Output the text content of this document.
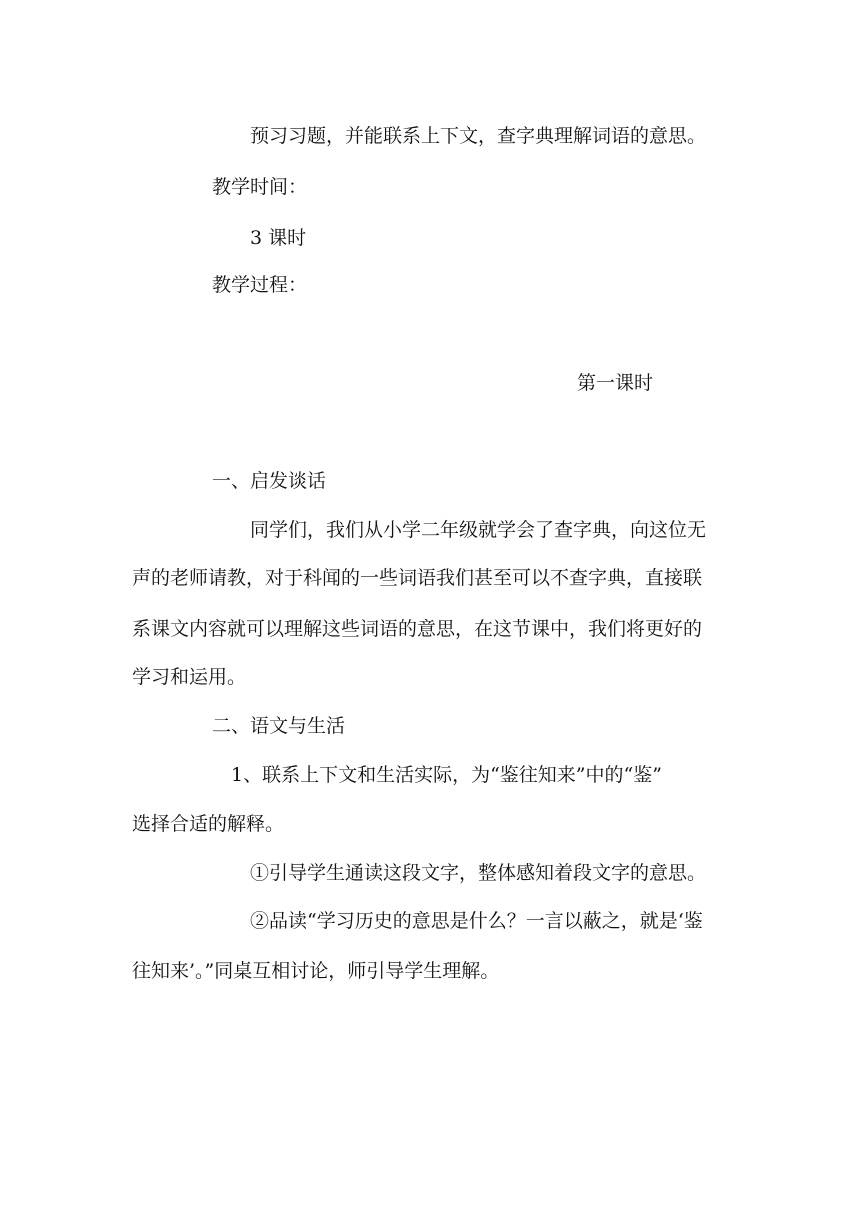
预习习题，并能联系上下文，查字典理解词语的意思。

教学时间：

3 课时

教学过程：

第一课时

一、启发谈话

同学们，我们从小学二年级就学会了查字典，向这位无

声的老师请教，对于科闻的一些词语我们甚至可以不查字典，直接联

系课文内容就可以理解这些词语的意思，在这节课中，我们将更好的

学习和运用。

二、语文与生活

1、联系上下文和生活实际，为“鉴往知来”中的“鉴”

选择合适的解释。

①引导学生通读这段文字，整体感知着段文字的意思。

②品读“学习历史的意思是什么？一言以蔽之，就是‘鉴

往知来’。”同桌互相讨论，师引导学生理解。
